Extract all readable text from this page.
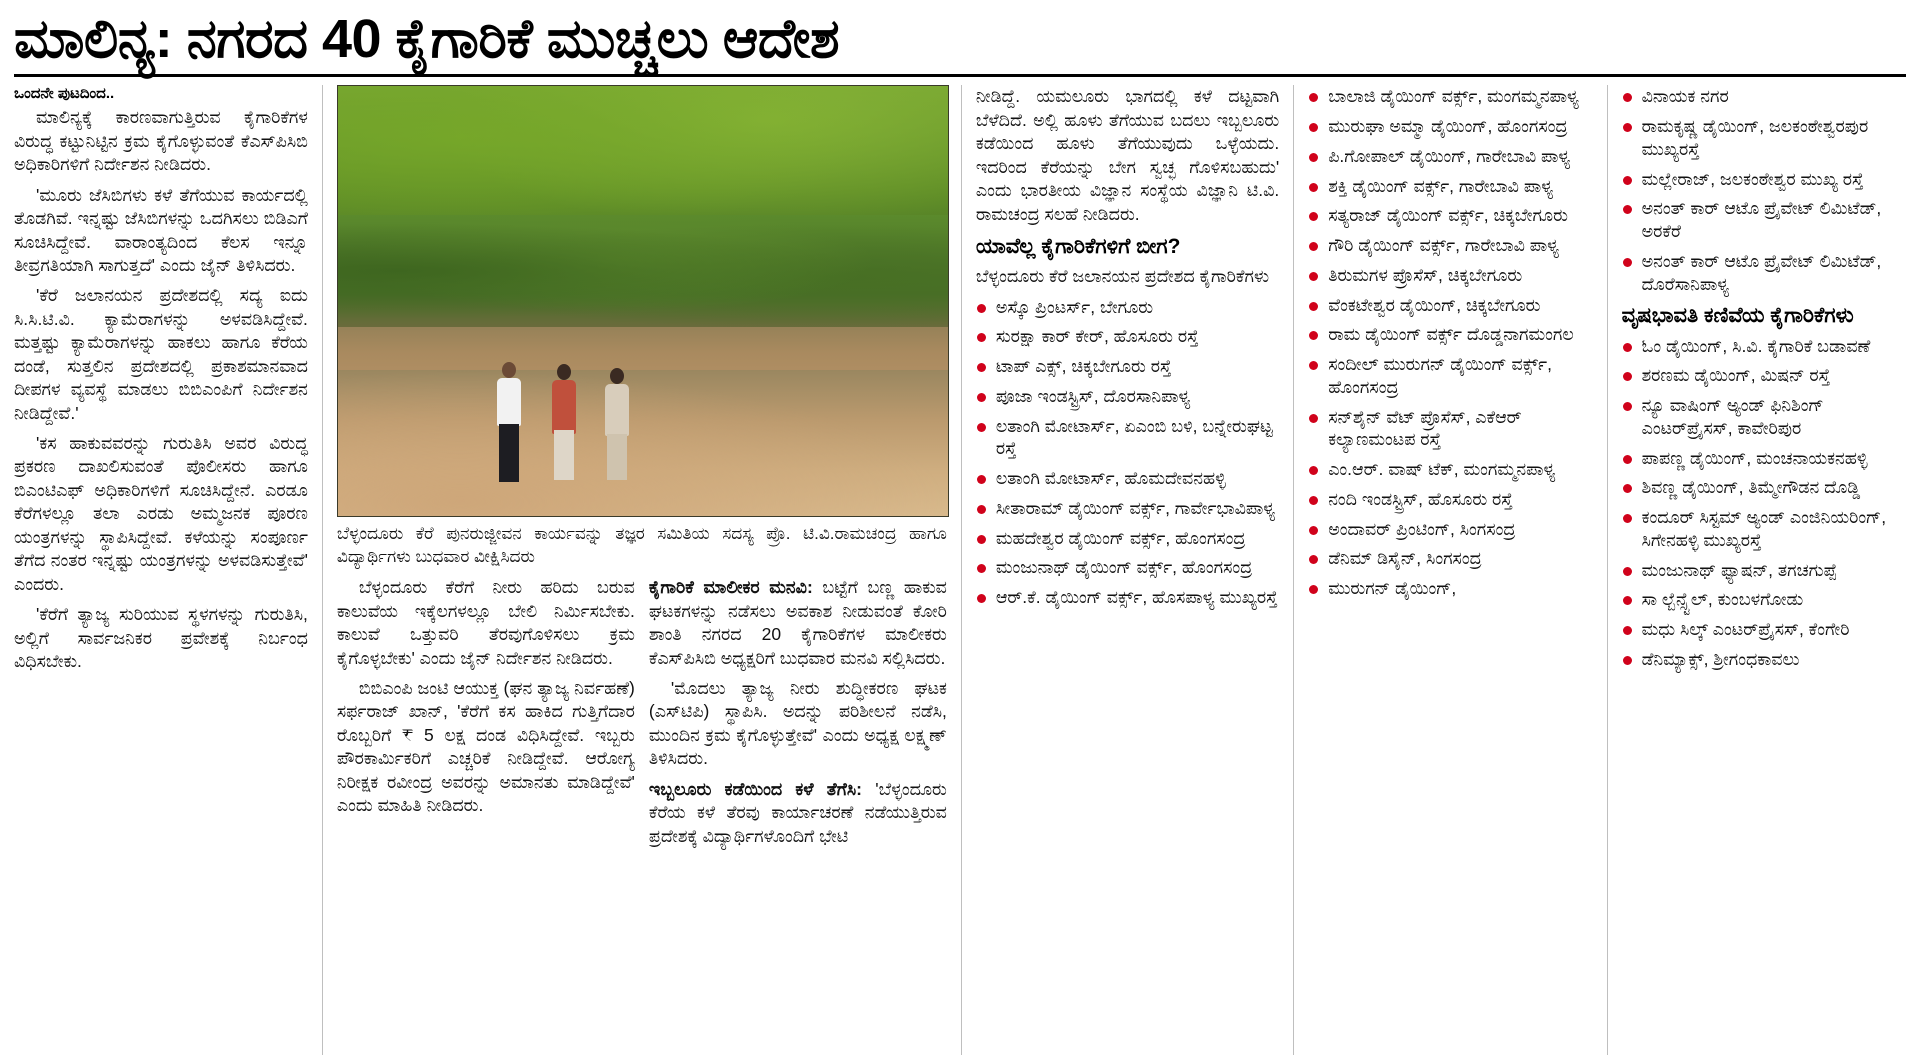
ಮಾಲಿನ್ಯ: ನಗರದ 40 ಕೈಗಾರಿಕೆ ಮುಚ್ಚಲು ಆದೇಶ
ಒಂದನೇ ಪುಟದಿಂದ..

ಮಾಲಿನ್ಯಕ್ಕೆ ಕಾರಣವಾಗುತ್ತಿರುವ ಕೈಗಾರಿಕೆಗಳ ವಿರುದ್ಧ ಕಟ್ಟುನಿಟ್ಟಿನ ಕ್ರಮ ಕೈಗೊಳ್ಳುವಂತೆ ಕೆಎಸ್‌ಪಿಸಿಬಿ ಅಧಿಕಾರಿಗಳಿಗೆ ನಿರ್ದೇಶನ ನೀಡಿದರು.

'ಮೂರು ಜೆಸಿಬಿಗಳು ಕಳೆ ತೆಗೆಯುವ ಕಾರ್ಯದಲ್ಲಿ ತೊಡಗಿವೆ. ಇನ್ನಷ್ಟು ಜೆಸಿಬಿಗಳನ್ನು ಒದಗಿಸಲು ಬಿಡಿಎಗೆ ಸೂಚಿಸಿದ್ದೇವೆ. ವಾರಾಂತ್ಯದಿಂದ ಕೆಲಸ ಇನ್ನೂ ತೀವ್ರಗತಿಯಾಗಿ ಸಾಗುತ್ತದೆ' ಎಂದು ಜೈನ್ ತಿಳಿಸಿದರು.

'ಕೆರೆ ಜಲಾನಯನ ಪ್ರದೇಶದಲ್ಲಿ ಸದ್ಯ ಐದು ಸಿ.ಸಿ.ಟಿ.ವಿ. ಕ್ಯಾಮೆರಾಗಳನ್ನು ಅಳವಡಿಸಿದ್ದೇವೆ. ಮತ್ತಷ್ಟು ಕ್ಯಾಮೆರಾಗಳನ್ನು ಹಾಕಲು ಹಾಗೂ ಕೆರೆಯ ದಂಡೆ, ಸುತ್ತಲಿನ ಪ್ರದೇಶದಲ್ಲಿ ಪ್ರಕಾಶಮಾನವಾದ ದೀಪಗಳ ವ್ಯವಸ್ಥೆ ಮಾಡಲು ಬಿಬಿಎಂಪಿಗೆ ನಿರ್ದೇಶನ ನೀಡಿದ್ದೇವೆ.'

'ಕಸ ಹಾಕುವವರನ್ನು ಗುರುತಿಸಿ ಅವರ ವಿರುದ್ಧ ಪ್ರಕರಣ ದಾಖಲಿಸುವಂತೆ ಪೊಲೀಸರು ಹಾಗೂ ಬಿಎಂಟಿಎಫ್ ಅಧಿಕಾರಿಗಳಿಗೆ ಸೂಚಿಸಿದ್ದೇನೆ. ಎರಡೂ ಕೆರೆಗಳಲ್ಲೂ ತಲಾ ಎರಡು ಅಮ್ಮಜನಕ ಪೂರಣ ಯಂತ್ರಗಳನ್ನು ಸ್ಥಾಪಿಸಿದ್ದೇವೆ. ಕಳೆಯನ್ನು ಸಂಪೂರ್ಣ ತೆಗೆದ ನಂತರ ಇನ್ನಷ್ಟು ಯಂತ್ರಗಳನ್ನು ಅಳವಡಿಸುತ್ತೇವೆ' ಎಂದರು.

'ಕೆರೆಗೆ ತ್ಯಾಜ್ಯ ಸುರಿಯುವ ಸ್ಥಳಗಳನ್ನು ಗುರುತಿಸಿ, ಅಲ್ಲಿಗೆ ಸಾರ್ವಜನಿಕರ ಪ್ರವೇಶಕ್ಕೆ ನಿರ್ಬಂಧ ವಿಧಿಸಬೇಕು.

ಬೆಳ್ಳಂದೂರು ಕೆರೆ ಪುನರುಜ್ಜೀವನ ಕಾರ್ಯವನ್ನು ತಜ್ಞರ ಸಮಿತಿಯ ಸದಸ್ಯ ಪ್ರೊ. ಟಿ.ವಿ.ರಾಮಚಂದ್ರ ಹಾಗೂ ವಿದ್ಯಾರ್ಥಿಗಳು ಬುಧವಾರ ವೀಕ್ಷಿಸಿದರು

ಬೆಳ್ಳಂದೂರು ಕೆರೆಗೆ ನೀರು ಹರಿದು ಬರುವ ಕಾಲುವೆಯ ಇಕ್ಕೆಲಗಳಲ್ಲೂ ಬೇಲಿ ನಿರ್ಮಿಸಬೇಕು. ಕಾಲುವೆ ಒತ್ತುವರಿ ತೆರವುಗೊಳಿಸಲು ಕ್ರಮ ಕೈಗೊಳ್ಳಬೇಕು' ಎಂದು ಜೈನ್ ನಿರ್ದೇಶನ ನೀಡಿದರು.

ಬಿಬಿಎಂಪಿ ಜಂಟಿ ಆಯುಕ್ತ (ಘನ ತ್ಯಾಜ್ಯ ನಿರ್ವಹಣೆ) ಸರ್ಫರಾಜ್ ಖಾನ್, 'ಕೆರೆಗೆ ಕಸ ಹಾಕಿದ ಗುತ್ತಿಗೆದಾರ ರೊಬ್ಬರಿಗೆ ₹ 5 ಲಕ್ಷ ದಂಡ ವಿಧಿಸಿದ್ದೇವೆ. ಇಬ್ಬರು ಪೌರಕಾರ್ಮಿಕರಿಗೆ ಎಚ್ಚರಿಕೆ ನೀಡಿದ್ದೇವೆ. ಆರೋಗ್ಯ ನಿರೀಕ್ಷಕ ರವೀಂದ್ರ ಅವರನ್ನು ಅಮಾನತು ಮಾಡಿದ್ದೇವೆ' ಎಂದು ಮಾಹಿತಿ ನೀಡಿದರು.

ಕೈಗಾರಿಕೆ ಮಾಲೀಕರ ಮನವಿ: ಬಟ್ಟೆಗೆ ಬಣ್ಣ ಹಾಕುವ ಘಟಕಗಳನ್ನು ನಡೆಸಲು ಅವಕಾಶ ನೀಡುವಂತೆ ಕೋರಿ ಶಾಂತಿ ನಗರದ 20 ಕೈಗಾರಿಕೆಗಳ ಮಾಲೀಕರು ಕೆಎಸ್‌ಪಿಸಿಬಿ ಅಧ್ಯಕ್ಷರಿಗೆ ಬುಧವಾರ ಮನವಿ ಸಲ್ಲಿಸಿದರು.

'ಮೊದಲು ತ್ಯಾಜ್ಯ ನೀರು ಶುದ್ಧೀಕರಣ ಘಟಕ (ಎಸ್‌ಟಿಪಿ) ಸ್ಥಾಪಿಸಿ. ಅದನ್ನು ಪರಿಶೀಲನೆ ನಡೆಸಿ, ಮುಂದಿನ ಕ್ರಮ ಕೈಗೊಳ್ಳುತ್ತೇವೆ' ಎಂದು ಅಧ್ಯಕ್ಷ ಲಕ್ಷ್ಮಣ್ ತಿಳಿಸಿದರು.

ಇಬ್ಬಲೂರು ಕಡೆಯಿಂದ ಕಳೆ ತೆಗೆಸಿ: 'ಬೆಳ್ಳಂದೂರು ಕೆರೆಯ ಕಳೆ ತೆರವು ಕಾರ್ಯಾಚರಣೆ ನಡೆಯುತ್ತಿರುವ ಪ್ರದೇಶಕ್ಕೆ ವಿದ್ಯಾರ್ಥಿಗಳೊಂದಿಗೆ ಭೇಟಿ

ನೀಡಿದ್ದೆ. ಯಮಲೂರು ಭಾಗದಲ್ಲಿ ಕಳೆ ದಟ್ಟವಾಗಿ ಬೆಳೆದಿದೆ. ಅಲ್ಲಿ ಹೂಳು ತೆಗೆಯುವ ಬದಲು ಇಬ್ಬಲೂರು ಕಡೆಯಿಂದ ಹೂಳು ತೆಗೆಯುವುದು ಒಳ್ಳೆಯದು. ಇದರಿಂದ ಕೆರೆಯನ್ನು ಬೇಗ ಸ್ವಚ್ಛ ಗೊಳಿಸಬಹುದು' ಎಂದು ಭಾರತೀಯ ವಿಜ್ಞಾನ ಸಂಸ್ಥೆಯ ವಿಜ್ಞಾನಿ ಟಿ.ವಿ. ರಾಮಚಂದ್ರ ಸಲಹೆ ನೀಡಿದರು.

ಯಾವೆಲ್ಲ ಕೈಗಾರಿಕೆಗಳಿಗೆ ಬೀಗ?

ಬೆಳ್ಳಂದೂರು ಕೆರೆ ಜಲಾನಯನ ಪ್ರದೇಶದ ಕೈಗಾರಿಕೆಗಳು

ಅಸ್ಕೊ ಪ್ರಿಂಟರ್ಸ್, ಬೇಗೂರು
ಸುರಕ್ಷಾ ಕಾರ್ ಕೇರ್, ಹೊಸೂರು ರಸ್ತೆ
ಟಾಪ್ ಎಕ್ಸ್, ಚಿಕ್ಕಬೇಗೂರು ರಸ್ತೆ
ಪೂಜಾ ಇಂಡಸ್ಟ್ರಿಸ್, ದೊರಸಾನಿಪಾಳ್ಯ
ಲತಾಂಗಿ ಮೋಟಾರ್ಸ್, ಏಎಂಬಿ ಬಳಿ, ಬನ್ನೇರುಘಟ್ಟ ರಸ್ತೆ
ಲತಾಂಗಿ ಮೋಟಾರ್ಸ್, ಹೊಮದೇವನಹಳ್ಳಿ
ಸೀತಾರಾಮ್ ಡೈಯಿಂಗ್ ವರ್ಕ್ಸ್, ಗಾರ್ವೇಭಾವಿಪಾಳ್ಯ
ಮಹದೇಶ್ವರ ಡೈಯಿಂಗ್ ವರ್ಕ್ಸ್, ಹೊಂಗಸಂದ್ರ
ಮಂಜುನಾಥ್ ಡೈಯಿಂಗ್ ವರ್ಕ್ಸ್, ಹೊಂಗಸಂದ್ರ
ಆರ್.ಕೆ. ಡೈಯಿಂಗ್ ವರ್ಕ್ಸ್, ಹೊಸಪಾಳ್ಯ ಮುಖ್ಯರಸ್ತೆ
ಬಾಲಾಜಿ ಡೈಯಿಂಗ್ ವರ್ಕ್ಸ್, ಮಂಗಮ್ಮನಪಾಳ್ಯ
ಮುರುಘಾ ಅಮ್ಮಾ ಡೈಯಿಂಗ್, ಹೊಂಗಸಂದ್ರ
ಪಿ.ಗೋಪಾಲ್ ಡೈಯಿಂಗ್, ಗಾರೇಬಾವಿ ಪಾಳ್ಯ
ಶಕ್ತಿ ಡೈಯಿಂಗ್ ವರ್ಕ್ಸ್, ಗಾರೇಬಾವಿ ಪಾಳ್ಯ
ಸತ್ಯರಾಜ್ ಡೈಯಿಂಗ್ ವರ್ಕ್ಸ್, ಚಿಕ್ಕಬೇಗೂರು
ಗೌರಿ ಡೈಯಿಂಗ್ ವರ್ಕ್ಸ್, ಗಾರೇಬಾವಿ ಪಾಳ್ಯ
ತಿರುಮಗಳ ಪ್ರೊಸೆಸ್, ಚಿಕ್ಕಬೇಗೂರು
ವೆಂಕಟೇಶ್ವರ ಡೈಯಿಂಗ್, ಚಿಕ್ಕಬೇಗೂರು
ರಾಮ ಡೈಯಿಂಗ್ ವರ್ಕ್ಸ್ ದೊಡ್ಡನಾಗಮಂಗಲ
ಸಂದೀಲ್ ಮುರುಗನ್ ಡೈಯಿಂಗ್ ವರ್ಕ್ಸ್, ಹೊಂಗಸಂದ್ರ
ಸನ್‌ಶೈನ್ ವೆಟ್ ಪ್ರೊಸೆಸ್, ಎಕೆಆರ್ ಕಲ್ಯಾಣಮಂಟಪ ರಸ್ತೆ
ಎಂ.ಆರ್. ವಾಷ್ ಟೆಕ್, ಮಂಗಮ್ಮನಪಾಳ್ಯ
ನಂದಿ ಇಂಡಸ್ಟ್ರಿಸ್, ಹೊಸೂರು ರಸ್ತೆ
ಅಂದಾವರ್ ಪ್ರಿಂಟಿಂಗ್, ಸಿಂಗಸಂದ್ರ
ಡೆನಿಮ್ ಡಿಸೈನ್, ಸಿಂಗಸಂದ್ರ
ಮುರುಗನ್ ಡೈಯಿಂಗ್,
ವಿನಾಯಕ ನಗರ
ರಾಮಕೃಷ್ಣ ಡೈಯಿಂಗ್, ಜಲಕಂಠೇಶ್ವರಪುರ ಮುಖ್ಯರಸ್ತೆ
ಮಲ್ಲೇರಾಜ್, ಜಲಕಂಠೇಶ್ವರ ಮುಖ್ಯ ರಸ್ತೆ
ಅನಂತ್ ಕಾರ್ ಆಟೊ ಪ್ರೈವೇಟ್ ಲಿಮಿಟೆಡ್, ಅರಕೆರೆ
ಅನಂತ್ ಕಾರ್ ಆಟೊ ಪ್ರೈವೇಟ್ ಲಿಮಿಟೆಡ್, ದೊರೆಸಾನಿಪಾಳ್ಯ
ವೃಷಭಾವತಿ ಕಣಿವೆಯ ಕೈಗಾರಿಕೆಗಳು
ಓಂ ಡೈಯಿಂಗ್, ಸಿ.ವಿ. ಕೈಗಾರಿಕೆ ಬಡಾವಣೆ
ಶರಣಮ ಡೈಯಿಂಗ್, ಮಿಷನ್ ರಸ್ತೆ
ನ್ಯೂ ವಾಷಿಂಗ್ ಅ್ಯಂಡ್ ಫಿನಿಶಿಂಗ್ ಎಂಟರ್‌ಪ್ರೈಸಸ್, ಕಾವೇರಿಪುರ
ಪಾಪಣ್ಣ ಡೈಯಿಂಗ್, ಮಂಚನಾಯಕನಹಳ್ಳಿ
ಶಿವಣ್ಣ ಡೈಯಿಂಗ್, ತಿಮ್ಮೇಗೌಡನ ದೊಡ್ಡಿ
ಕಂದೂರ್ ಸಿಸ್ಟಮ್ ಅ್ಯಂಡ್ ಎಂಜಿನಿಯರಿಂಗ್, ಸಿಗೇನಹಳ್ಳಿ ಮುಖ್ಯರಸ್ತೆ
ಮಂಜುನಾಥ್ ಫ್ಯಾಷನ್, ತಗಚಗುಪ್ಪೆ
ಸಾ ಲ್ಬೆನ್ಸ್ಟೆಲ್, ಕುಂಬಳಗೋಡು
ಮಧು ಸಿಲ್ಕ್ ಎಂಟರ್‌ಪ್ರೈಸಸ್, ಕೆಂಗೇರಿ
ಡೆನಿಮ್ಯಾಕ್ಸ್, ಶ್ರೀಗಂಧಕಾವಲು
